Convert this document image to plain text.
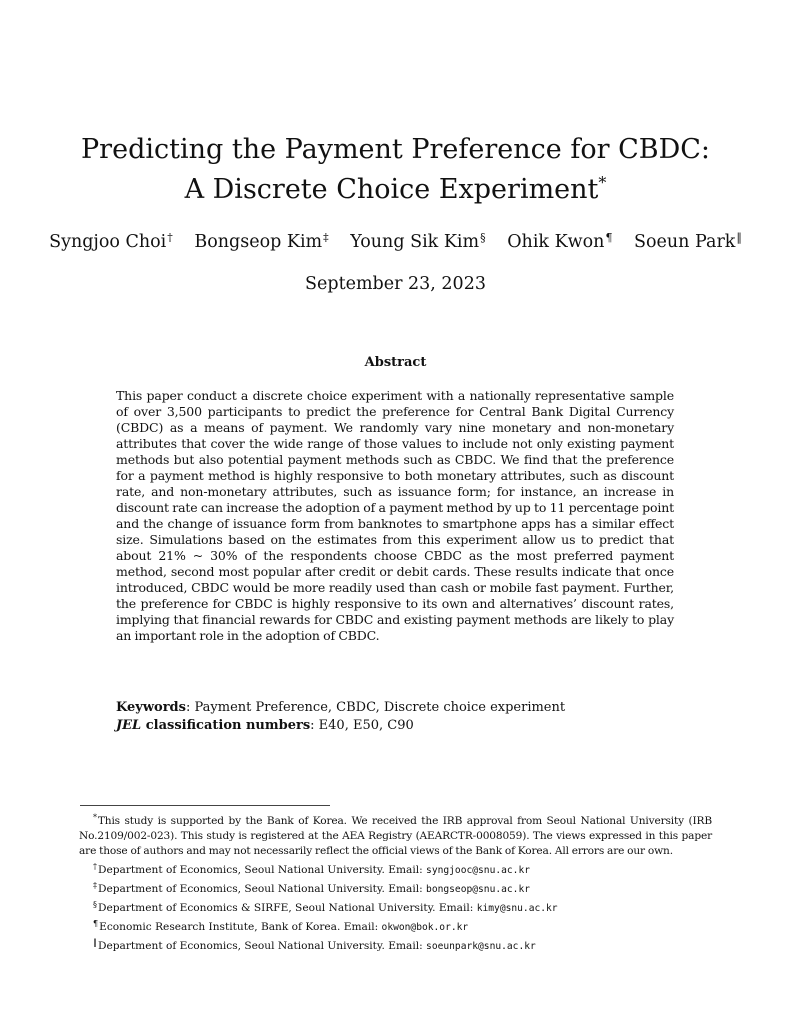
Predicting the Payment Preference for CBDC:
A Discrete Choice Experiment*
Syngjoo Choi† Bongseop Kim‡ Young Sik Kim§ Ohik Kwon¶ Soeun Park‖
September 23, 2023
Abstract
This paper conduct a discrete choice experiment with a nationally representative sample of over 3,500 participants to predict the preference for Central Bank Digital Currency (CBDC) as a means of payment. We randomly vary nine monetary and non-monetary attributes that cover the wide range of those values to include not only existing payment methods but also potential payment methods such as CBDC. We find that the preference for a payment method is highly responsive to both monetary attributes, such as discount rate, and non-monetary attributes, such as issuance form; for instance, an increase in discount rate can increase the adoption of a payment method by up to 11 percentage point and the change of issuance form from banknotes to smartphone apps has a similar effect size. Simulations based on the estimates from this experiment allow us to predict that about 21% ~ 30% of the respondents choose CBDC as the most preferred payment method, second most popular after credit or debit cards. These results indicate that once introduced, CBDC would be more readily used than cash or mobile fast payment. Further, the preference for CBDC is highly responsive to its own and alternatives’ discount rates, implying that financial rewards for CBDC and existing payment methods are likely to play an important role in the adoption of CBDC.
Keywords: Payment Preference, CBDC, Discrete choice experiment
JEL classification numbers: E40, E50, C90

*This study is supported by the Bank of Korea. We received the IRB approval from Seoul National University (IRB No.2109/002-023). This study is registered at the AEA Registry (AEARCTR-0008059). The views expressed in this paper are those of authors and may not necessarily reflect the official views of the Bank of Korea. All errors are our own.

†Department of Economics, Seoul National University. Email: syngjooc@snu.ac.kr

‡Department of Economics, Seoul National University. Email: bongseop@snu.ac.kr

§Department of Economics & SIRFE, Seoul National University. Email: kimy@snu.ac.kr

¶Economic Research Institute, Bank of Korea. Email: okwon@bok.or.kr

‖Department of Economics, Seoul National University. Email: soeunpark@snu.ac.kr
